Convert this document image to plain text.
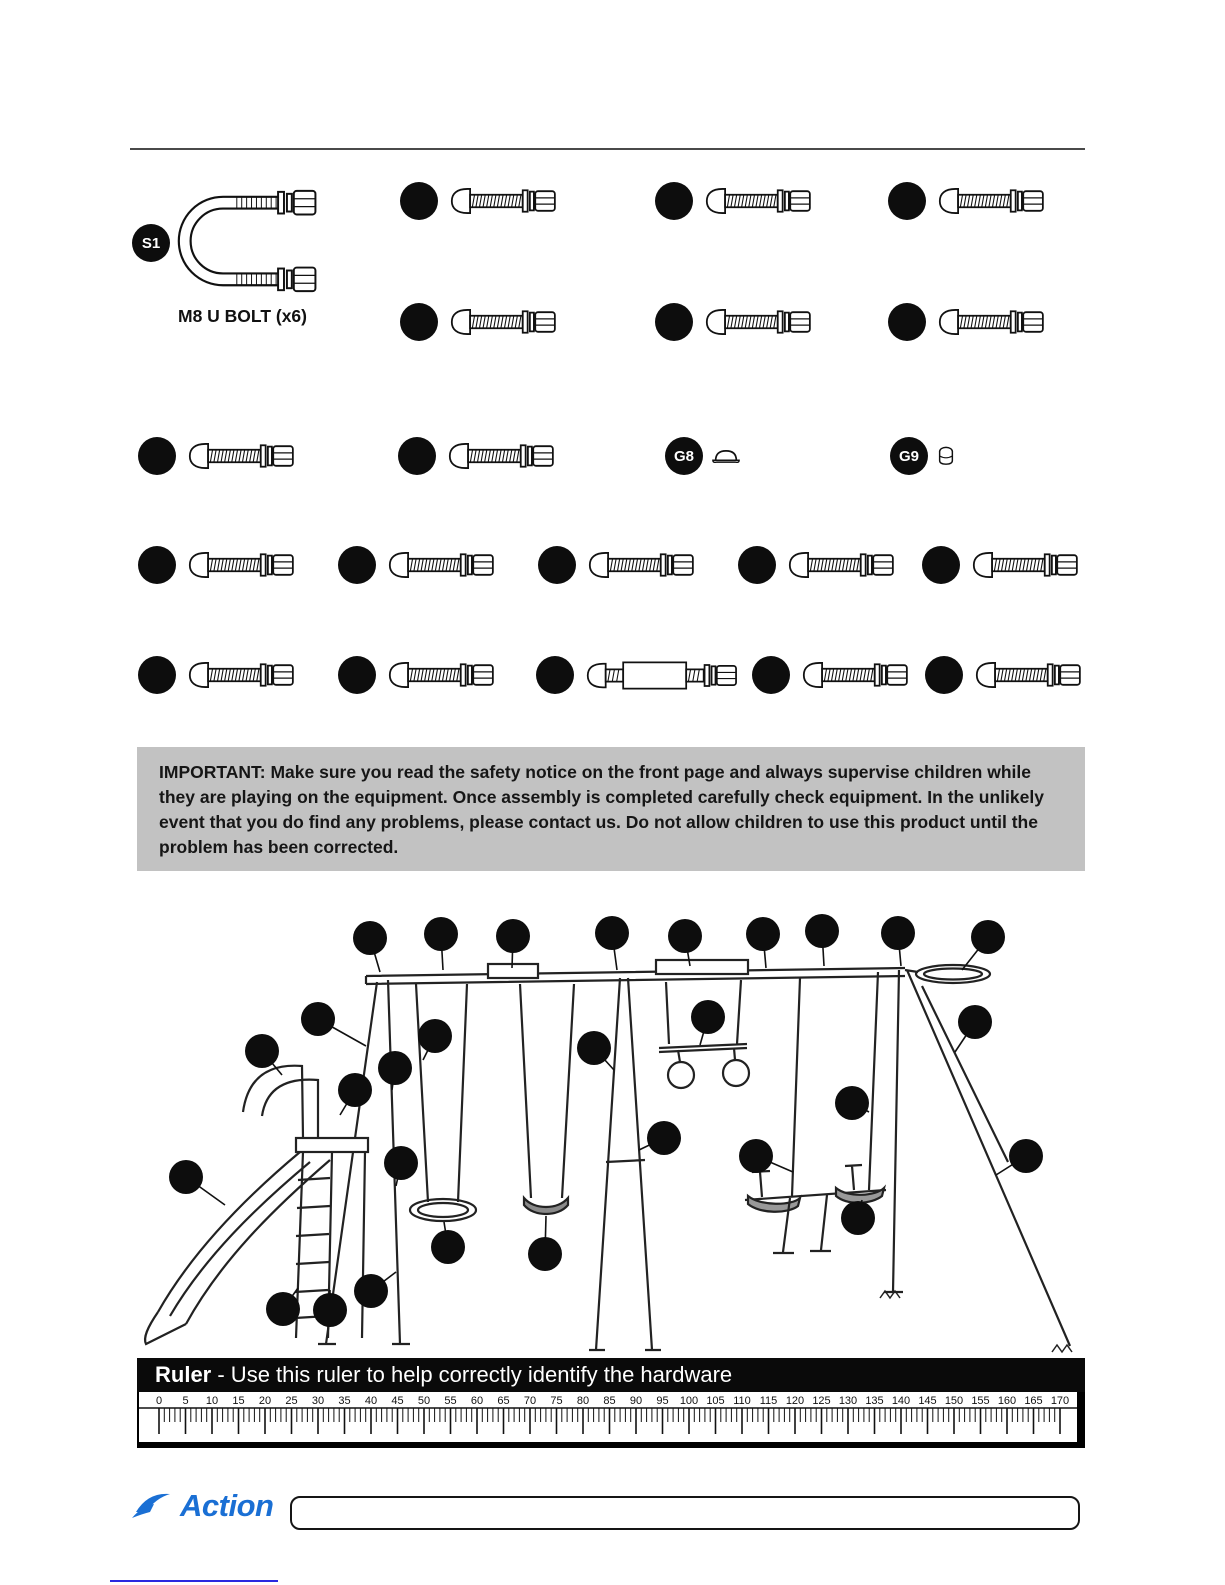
S1
M8 U BOLT (x6)
G8	G9

IMPORTANT: Make sure you read the safety notice on the front page and always supervise children while they are playing on the equipment. Once assembly is completed carefully check equipment. In the unlikely event that you do find any problems, please contact us. Do not allow children to use this product until the problem has been corrected.

Ruler - Use this ruler to help correctly identify the hardware
0 5 10 15 20 25 30 35 40 45 50 55 60 65 70 75 80 85 90 95 100 105 110 115 120 125 130 135 140 145 150 155 160 165 170
Action
